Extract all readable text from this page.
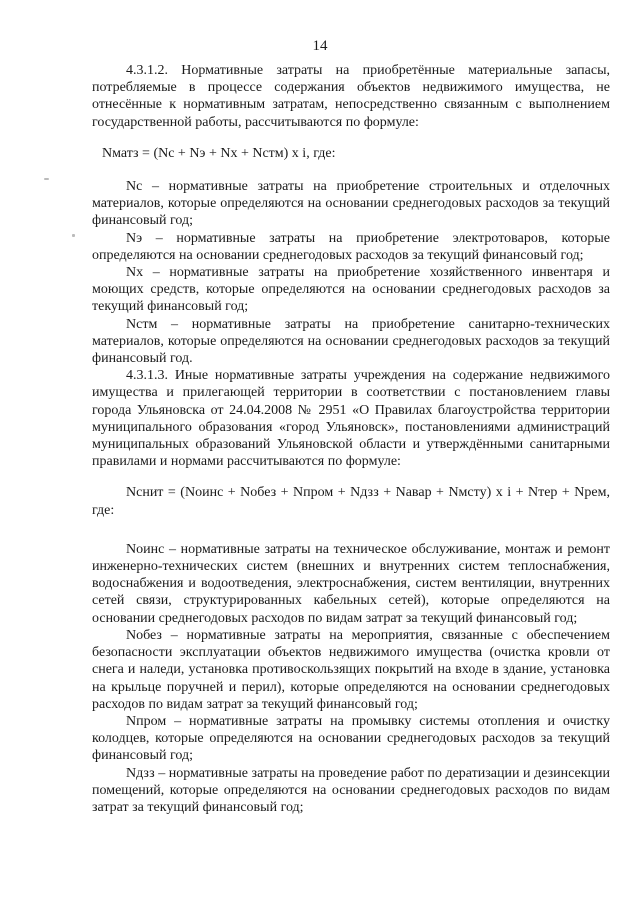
14

4.3.1.2. Нормативные затраты на приобретённые материальные запасы, потребляемые в процессе содержания объектов недвижимого имущества, не отнесённые к нормативным затратам, непосредственно связанным с выполнением государственной работы, рассчитываются по формуле:

Nматз = (Nс + Nэ + Nх + Nстм) x i, где:

Nс – нормативные затраты на приобретение строительных и отделочных материалов, которые определяются на основании среднегодовых расходов за текущий финансовый год;

Nэ – нормативные затраты на приобретение электротоваров, которые определяются на основании среднегодовых расходов за текущий финансовый год;

Nх – нормативные затраты на приобретение хозяйственного инвентаря и моющих средств, которые определяются на основании среднегодовых расходов за текущий финансовый год;

Nстм – нормативные затраты на приобретение санитарно-технических материалов, которые определяются на основании среднегодовых расходов за текущий финансовый год.

4.3.1.3. Иные нормативные затраты учреждения на содержание недвижимого имущества и прилегающей территории в соответствии с постановлением главы города Ульяновска от 24.04.2008 № 2951 «О Правилах благоустройства территории муниципального образования «город Ульяновск», постановлениями администраций муниципальных образований Ульяновской области и утверждёнными санитарными правилами и нормами рассчитываются по формуле:

Nснит = (Nоинс + Nобез + Nпром + Nдзз + Nавар + Nмсту) x i + Nтер + Nрем,

где:

Nоинс – нормативные затраты на техническое обслуживание, монтаж и ремонт инженерно-технических систем (внешних и внутренних систем теплоснабжения, водоснабжения и водоотведения, электроснабжения, систем вентиляции, внутренних сетей связи, структурированных кабельных сетей), которые определяются на основании среднегодовых расходов по видам затрат за текущий финансовый год;

Nобез – нормативные затраты на мероприятия, связанные с обеспечением безопасности эксплуатации объектов недвижимого имущества (очистка кровли от снега и наледи, установка противоскользящих покрытий на входе в здание, установка на крыльце поручней и перил), которые определяются на основании среднегодовых расходов по видам затрат за текущий финансовый год;

Nпром – нормативные затраты на промывку системы отопления и очистку колодцев, которые определяются на основании среднегодовых расходов за текущий финансовый год;

Nдзз – нормативные затраты на проведение работ по дератизации и дезинсекции помещений, которые определяются на основании среднегодовых расходов по видам затрат за текущий финансовый год;
